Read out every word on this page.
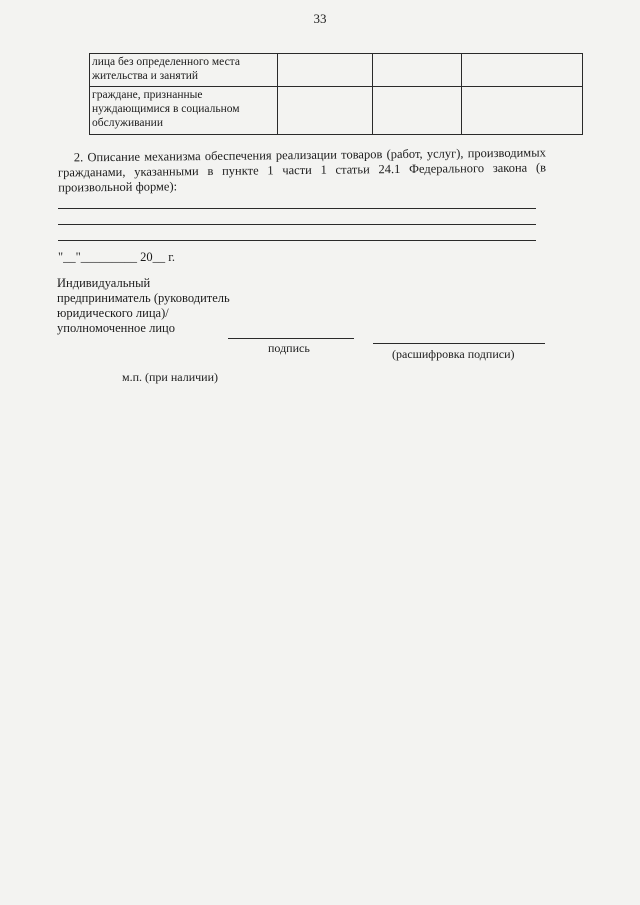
33
лица без определенного места жительства и занятий			
граждане, признанные нуждающимися в социальном обслуживании			
2. Описание механизма обеспечения реализации товаров (работ, услуг), производимых гражданами, указанными в пункте 1 части 1 статьи 24.1 Федерального закона (в произвольной форме):
"__"_________ 20__ г.
Индивидуальный предприниматель (руководитель юридического лица)/уполномоченное лицо
подпись	(расшифровка подписи)
м.п. (при наличии)
